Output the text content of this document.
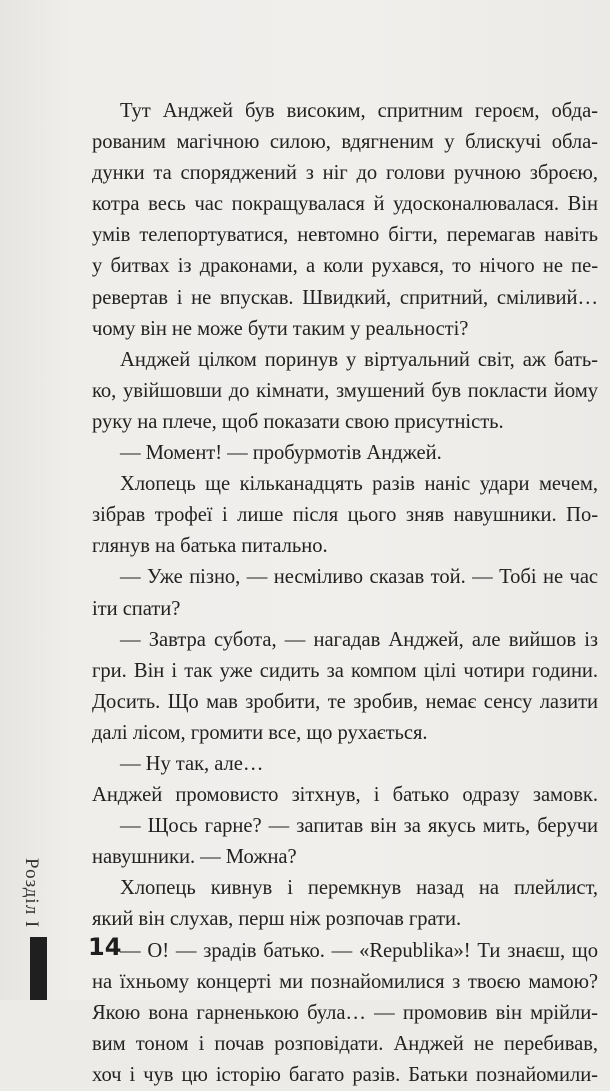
Тут Анджей був високим, спритним героєм, обда-
рованим магічною силою, вдягненим у блискучі обла-
дунки та споряджений з ніг до голови ручною зброєю,
котра весь час покращувалася й удосконалювалася. Він
умів телепортуватися, невтомно бігти, перемагав навіть
у битвах із драконами, а коли рухався, то нічого не пе-
ревертав і не впускав. Швидкий, спритний, сміливий…
чому він не може бути таким у реальності?
Анджей цілком поринув у віртуальний світ, аж бать-
ко, увійшовши до кімнати, змушений був покласти йому
руку на плече, щоб показати свою присутність.
— Момент! — пробурмотів Анджей.
Хлопець ще кільканадцять разів наніс удари мечем,
зібрав трофеї і лише після цього зняв навушники. По-
глянув на батька питально.
— Уже пізно, — несміливо сказав той. — Тобі не час
іти спати?
— Завтра субота, — нагадав Анджей, але вийшов із
гри. Він і так уже сидить за компом цілі чотири години.
Досить. Що мав зробити, те зробив, немає сенсу лазити
далі лісом, громити все, що рухається.
— Ну так, але…
Анджей промовисто зітхнув, і батько одразу замовк.
— Щось гарне? — запитав він за якусь мить, беручи
навушники. — Можна?
Хлопець кивнув і перемкнув назад на плейлист,
який він слухав, перш ніж розпочав грати.
— О! — зрадів батько. — «Republika»! Ти знаєш, що
на їхньому концерті ми познайомилися з твоєю мамою?
Якою вона гарненькою була… — промовив він мрійли-
вим тоном і почав розповідати. Анджей не перебивав,
хоч і чув цю історію багато разів. Батьки познайомили-
Розділ І
14
